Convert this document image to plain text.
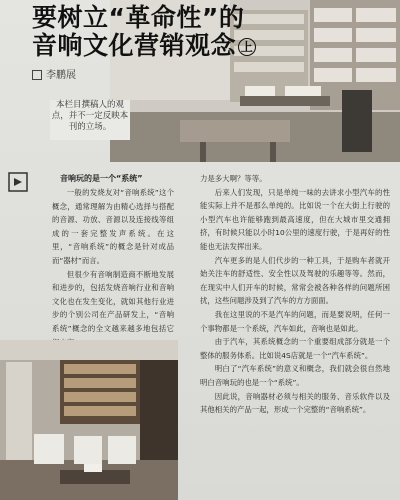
要树立“革命性”的
音响文化营销观念 上
李鹏展
本栏目撰稿人的观点，并不一定反映本刊的立场。
音响玩的是一个“系统”

一般的发烧友对“音响系统”这个概念，通常理解为由精心选择与搭配的音源、功放、音源以及连接线等组成的一套完整发声系统。在这里，“音响系统”的概念是针对成品而“器材”而言。

但很少有音响制造商不断地发展和进步的，包括发烧音响行业和音响文化也在发生变化，就如其他行业进步的个别公司在产品研发上，“音响系统”概念的全文越来越多地包括它

力是多大啊？等等。

后来人们发现，只是单纯一味的去讲求小型汽车的性能实际上并不是那么单纯的。比如说一个在大街上行驶的小型汽车也许能够跑到最高速度，但在大城市里交通拥挤，有时候只能以小时10公里的速度行驶，于是再好的性能也无法发挥出来。

汽车更多的是人们代步的一种工具，于是购车者就开始关注车的舒适性、安全性以及驾驶的乐趣等等。然而，在现实中人们开车的时候，常常会被各种各样的问题所困扰，这些问题涉及到了汽车的方方面面。

我在这里说的不是汽车的问题，而是要说明，任何一个事物都是一个系统，汽车如此，音响也是如此。

由于汽车，其系统概念的一个重要组成部分就是一个整体的服务体系。比如说4S店就是一个“汽车系统”。

明白了“汽车系统”的意义和概念，我们就会很自然地明白音响玩的也是一个“系统”。

因此说，音响器材必须与相关的服务、音乐软件以及其他相关的产品一起，形成一个完整的“音响系统”。
